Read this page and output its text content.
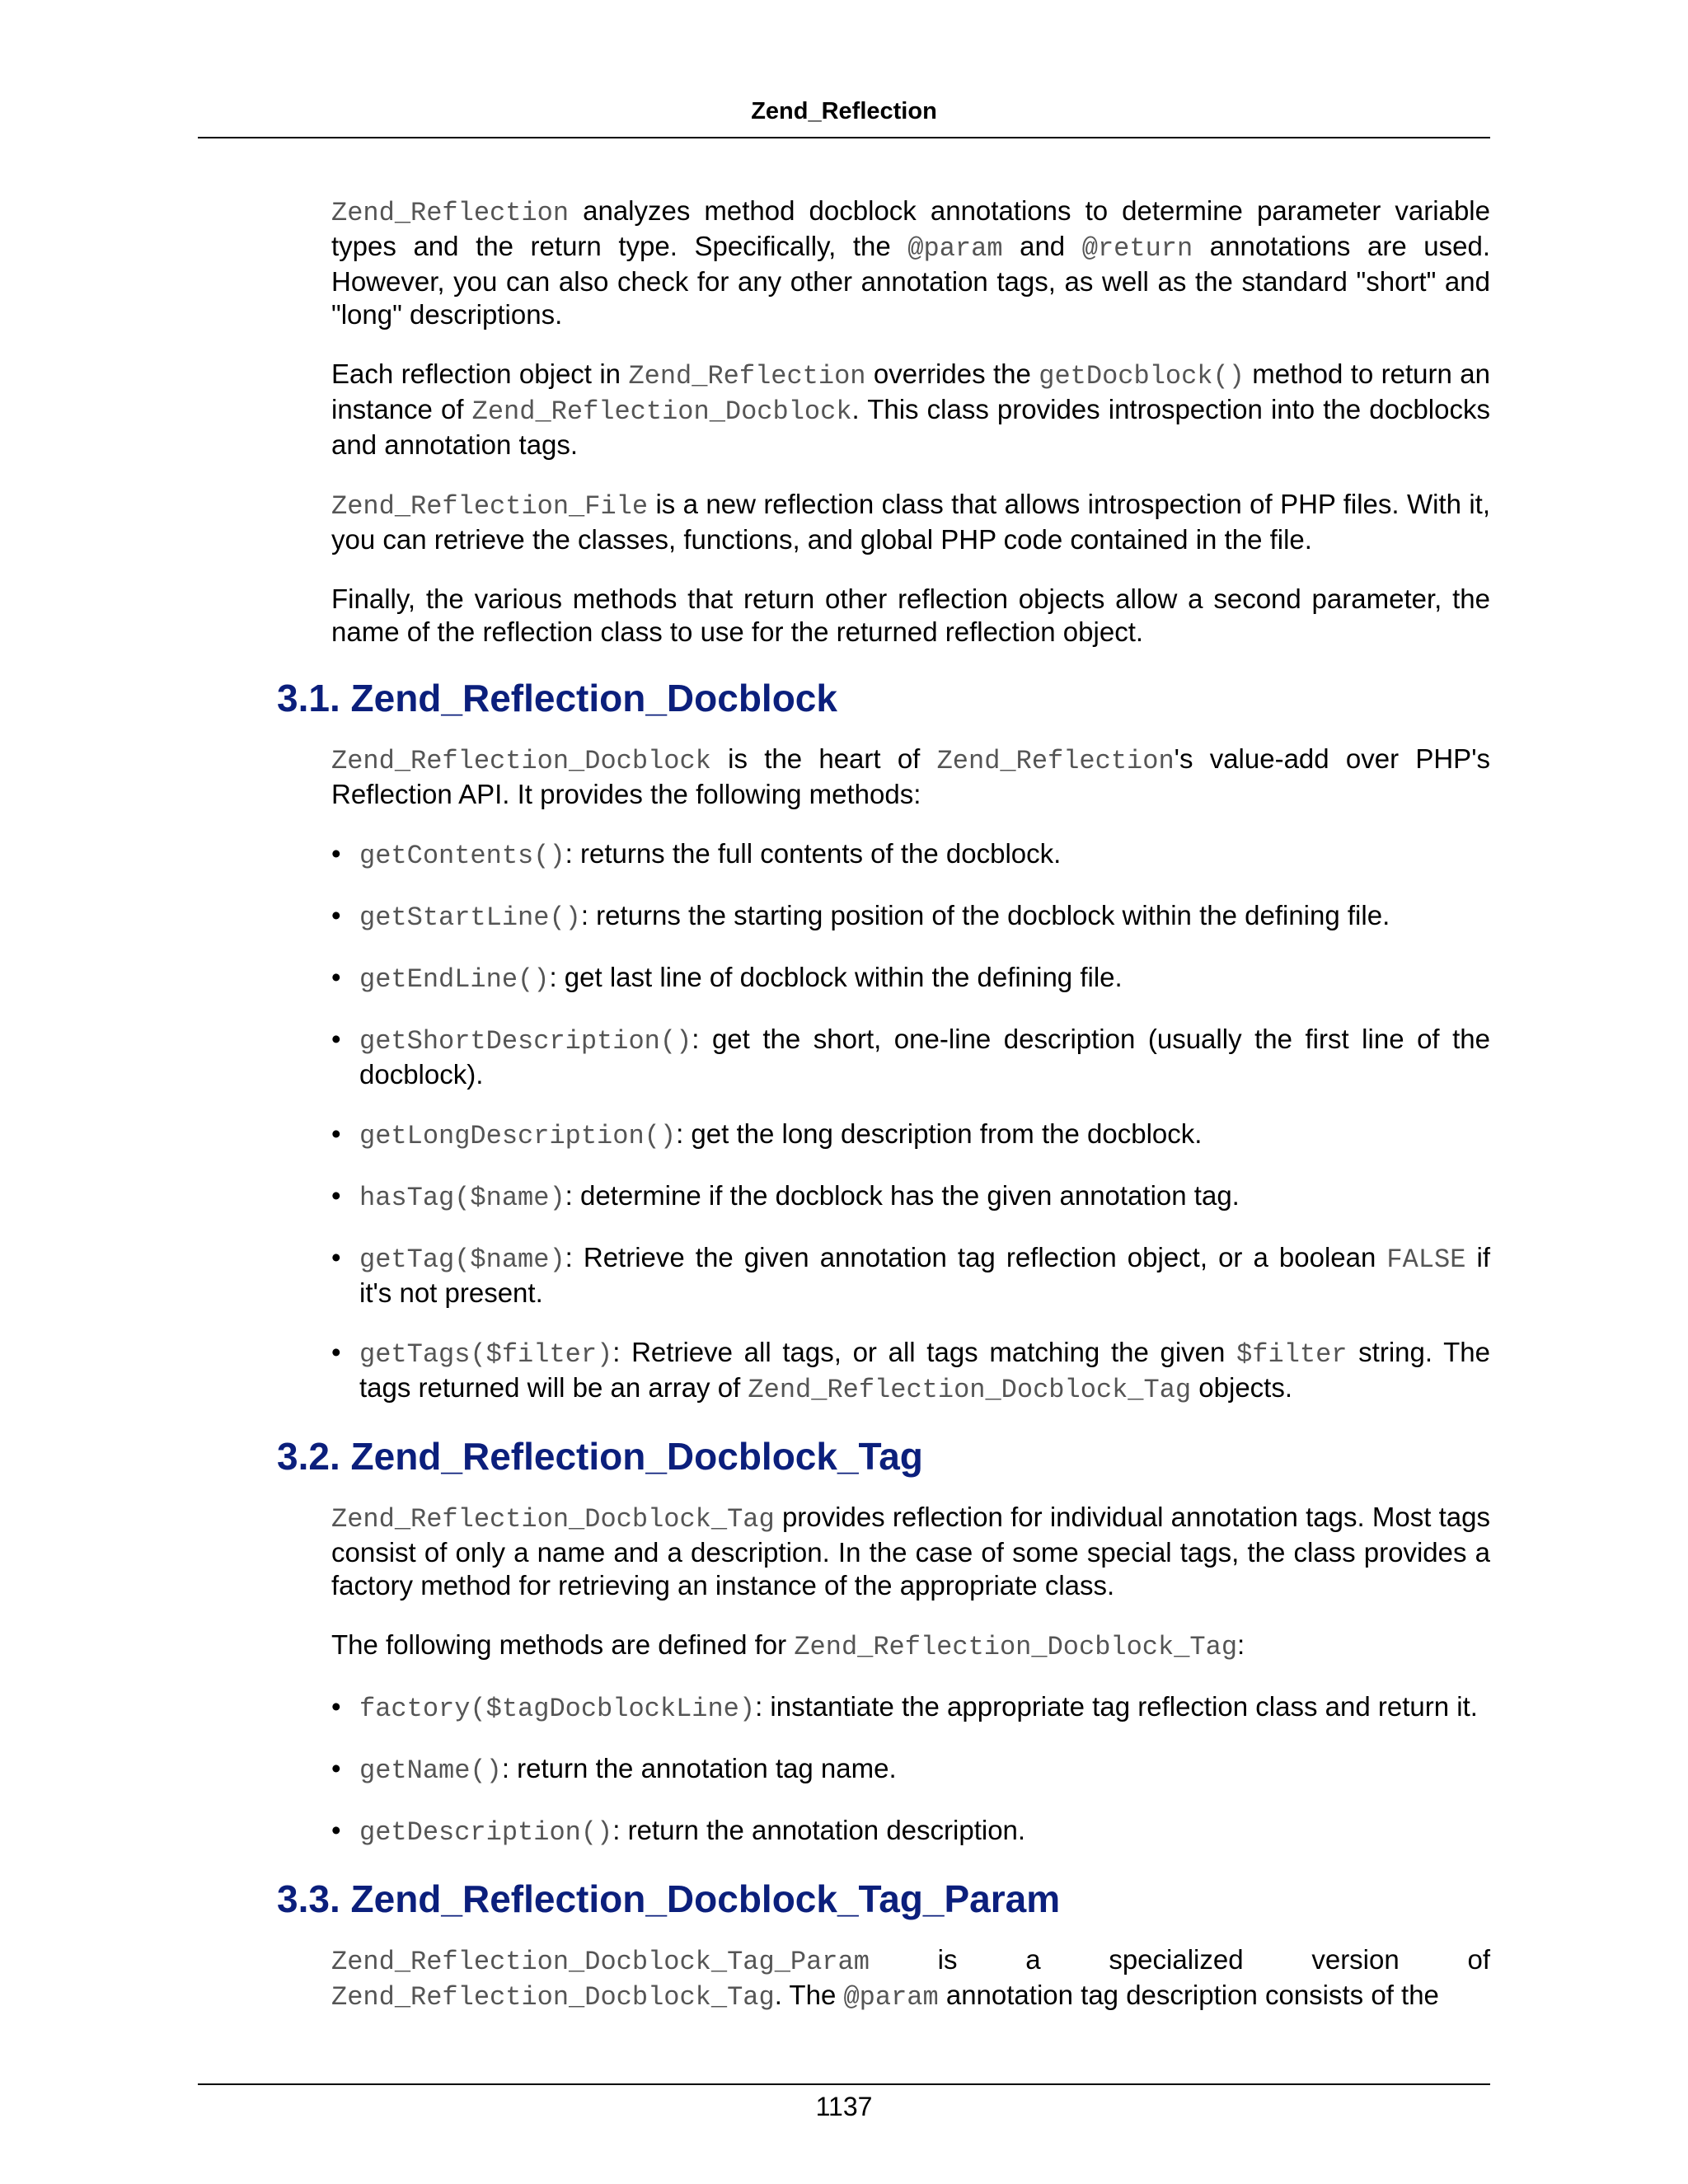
Zend_Reflection

Zend_Reflection analyzes method docblock annotations to determine parameter variable types and the return type. Specifically, the @param and @return annotations are used. However, you can also check for any other annotation tags, as well as the standard "short" and "long" descriptions.

Each reflection object in Zend_Reflection overrides the getDocblock() method to return an instance of Zend_Reflection_Docblock. This class provides introspection into the docblocks and annotation tags.

Zend_Reflection_File is a new reflection class that allows introspection of PHP files. With it, you can retrieve the classes, functions, and global PHP code contained in the file.

Finally, the various methods that return other reflection objects allow a second parameter, the name of the reflection class to use for the returned reflection object.

3.1. Zend_Reflection_Docblock

Zend_Reflection_Docblock is the heart of Zend_Reflection's value-add over PHP's Reflection API. It provides the following methods:

• getContents(): returns the full contents of the docblock.
• getStartLine(): returns the starting position of the docblock within the defining file.
• getEndLine(): get last line of docblock within the defining file.
• getShortDescription(): get the short, one-line description (usually the first line of the docblock).
• getLongDescription(): get the long description from the docblock.
• hasTag($name): determine if the docblock has the given annotation tag.
• getTag($name): Retrieve the given annotation tag reflection object, or a boolean FALSE if it's not present.
• getTags($filter): Retrieve all tags, or all tags matching the given $filter string. The tags returned will be an array of Zend_Reflection_Docblock_Tag objects.
3.2. Zend_Reflection_Docblock_Tag

Zend_Reflection_Docblock_Tag provides reflection for individual annotation tags. Most tags consist of only a name and a description. In the case of some special tags, the class provides a factory method for retrieving an instance of the appropriate class.

The following methods are defined for Zend_Reflection_Docblock_Tag:

• factory($tagDocblockLine): instantiate the appropriate tag reflection class and return it.
• getName(): return the annotation tag name.
• getDescription(): return the annotation description.
3.3. Zend_Reflection_Docblock_Tag_Param

Zend_Reflection_Docblock_Tag_Param is a specialized version of Zend_Reflection_Docblock_Tag. The @param annotation tag description consists of the

1137
